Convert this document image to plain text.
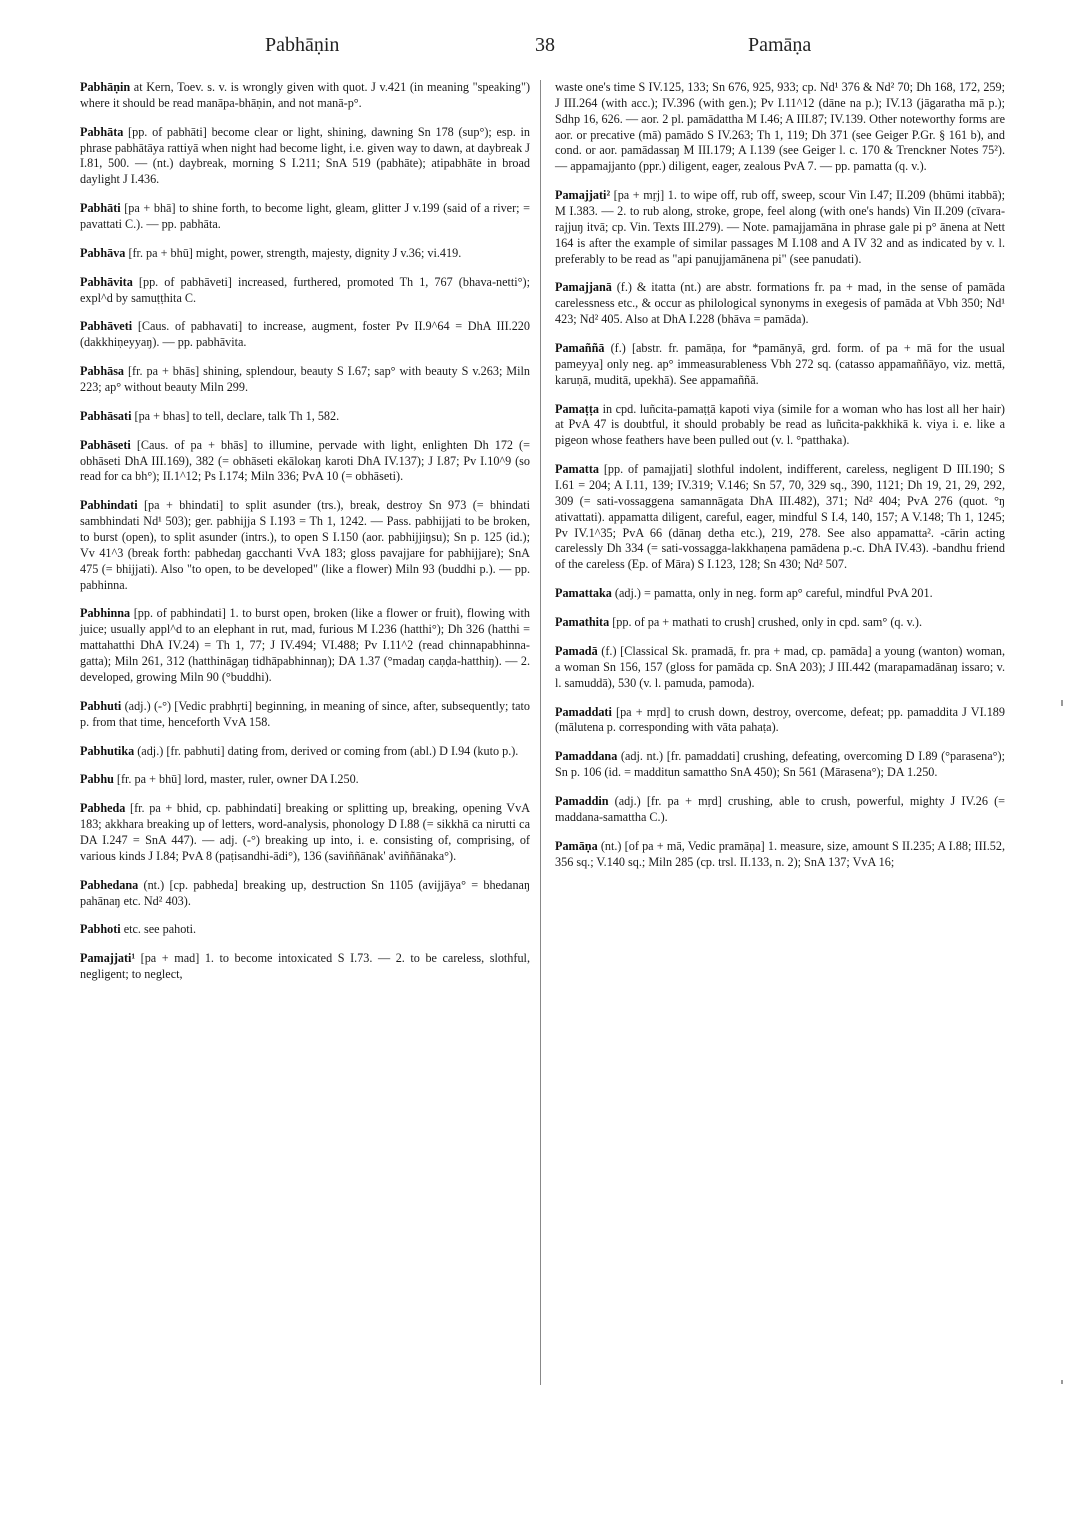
Pabhāṇin	38	Pamāṇa

Pabhāṇin at Kern, Toev. s. v. is wrongly given with quot. J v.421 (in meaning "speaking") where it should be read manāpa-bhāṇin, and not manā-p°.

Pabhāta [pp. of pabhāti] become clear or light, shining, dawning Sn 178 (sup°); esp. in phrase pabhātāya rattiyā when night had become light, i.e. given way to dawn, at daybreak J I.81, 500. — (nt.) daybreak, morning S I.211; SnA 519 (pabhāte); atipabhāte in broad daylight J I.436.

Pabhāti [pa + bhā] to shine forth, to become light, gleam, glitter J v.199 (said of a river; = pavattati C.). — pp. pabhāta.

Pabhāva [fr. pa + bhū] might, power, strength, majesty, dignity J v.36; vi.419.

Pabhāvita [pp. of pabhāveti] increased, furthered, promoted Th 1, 767 (bhava-netti°); expl^d by samuṭṭhita C.

Pabhāveti [Caus. of pabhavati] to increase, augment, foster Pv II.9^64 = DhA III.220 (dakkhiṇeyyaŋ). — pp. pabhāvita.

Pabhāsa [fr. pa + bhās] shining, splendour, beauty S I.67; sap° with beauty S v.263; Miln 223; ap° without beauty Miln 299.

Pabhāsati [pa + bhas] to tell, declare, talk Th 1, 582.

Pabhāseti [Caus. of pa + bhās] to illumine, pervade with light, enlighten Dh 172 (= obhāseti DhA III.169), 382 (= obhāseti ekālokaŋ karoti DhA IV.137); J I.87; Pv I.10^9 (so read for ca bh°); II.1^12; Ps I.174; Miln 336; PvA 10 (= obhāseti).

Pabhindati [pa + bhindati] to split asunder (trs.), break, destroy Sn 973 (= bhindati sambhindati Nd¹ 503); ger. pabhijja S I.193 = Th 1, 1242. — Pass. pabhijjati to be broken, to burst (open), to split asunder (intrs.), to open S I.150 (aor. pabhijjiŋsu); Sn p. 125 (id.); Vv 41^3 (break forth: pabhedaŋ gacchanti VvA 183; gloss pavajjare for pabhijjare); SnA 475 (= bhijjati). Also "to open, to be developed" (like a flower) Miln 93 (buddhi p.). — pp. pabhinna.

Pabhinna [pp. of pabhindati] 1. to burst open, broken (like a flower or fruit), flowing with juice; usually appl^d to an elephant in rut, mad, furious M I.236 (hatthi°); Dh 326 (hatthi = mattahatthi DhA IV.24) = Th 1, 77; J IV.494; VI.488; Pv I.11^2 (read chinnapabhinna-gatta); Miln 261, 312 (hatthināgaŋ tidhāpabhinnaŋ); DA 1.37 (°madaŋ caṇḍa-hatthiŋ). — 2. developed, growing Miln 90 (°buddhi).

Pabhuti (adj.) (-°) [Vedic prabhṛti] beginning, in meaning of since, after, subsequently; tato p. from that time, henceforth VvA 158.

Pabhutika (adj.) [fr. pabhuti] dating from, derived or coming from (abl.) D I.94 (kuto p.).

Pabhu [fr. pa + bhū] lord, master, ruler, owner DA I.250.

Pabheda [fr. pa + bhid, cp. pabhindati] breaking or splitting up, breaking, opening VvA 183; akkhara breaking up of letters, word-analysis, phonology D I.88 (= sikkhā ca nirutti ca DA I.247 = SnA 447). — adj. (-°) breaking up into, i. e. consisting of, comprising, of various kinds J I.84; PvA 8 (paṭisandhi-ādi°), 136 (saviññānak' aviññānaka°).

Pabhedana (nt.) [cp. pabheda] breaking up, destruction Sn 1105 (avijjāya° = bhedanaŋ pahānaŋ etc. Nd² 403).

Pabhoti etc. see pahoti.

Pamajjati¹ [pa + mad] 1. to become intoxicated S I.73. — 2. to be careless, slothful, negligent; to neglect,

waste one's time S IV.125, 133; Sn 676, 925, 933; cp. Nd¹ 376 & Nd² 70; Dh 168, 172, 259; J III.264 (with acc.); IV.396 (with gen.); Pv I.11^12 (dāne na p.); IV.13 (jāgaratha mā p.); Sdhp 16, 626. — aor. 2 pl. pamādattha M I.46; A III.87; IV.139. Other noteworthy forms are aor. or precative (mā) pamādo S IV.263; Th 1, 119; Dh 371 (see Geiger P.Gr. § 161 b), and cond. or aor. pamādassaŋ M III.179; A I.139 (see Geiger l. c. 170 & Trenckner Notes 75²). — appamajjanto (ppr.) diligent, eager, zealous PvA 7. — pp. pamatta (q. v.).

Pamajjati² [pa + mṛj] 1. to wipe off, rub off, sweep, scour Vin I.47; II.209 (bhūmi itabbā); M I.383. — 2. to rub along, stroke, grope, feel along (with one's hands) Vin II.209 (cīvara-rajjuŋ itvā; cp. Vin. Texts III.279). — Note. pamajjamāna in phrase gale pi p° ānena at Nett 164 is after the example of similar passages M I.108 and A IV 32 and as indicated by v. l. preferably to be read as "api panujjamānena pi" (see panudati).

Pamajjanā (f.) & itatta (nt.) are abstr. formations fr. pa + mad, in the sense of pamāda carelessness etc., & occur as philological synonyms in exegesis of pamāda at Vbh 350; Nd¹ 423; Nd² 405. Also at DhA I.228 (bhāva = pamāda).

Pamaññā (f.) [abstr. fr. pamāṇa, for *pamānyā, grd. form. of pa + mā for the usual pameyya] only neg. ap° immeasurableness Vbh 272 sq. (catasso appamaññāyo, viz. mettā, karuṇā, muditā, upekhā). See appamaññā.

Pamaṭṭa in cpd. luñcita-pamaṭṭā kapoti viya (simile for a woman who has lost all her hair) at PvA 47 is doubtful, it should probably be read as luñcita-pakkhikā k. viya i. e. like a pigeon whose feathers have been pulled out (v. l. °patthaka).

Pamatta [pp. of pamajjati] slothful indolent, indifferent, careless, negligent D III.190; S I.61 = 204; A I.11, 139; IV.319; V.146; Sn 57, 70, 329 sq., 390, 1121; Dh 19, 21, 29, 292, 309 (= sati-vossaggena samannāgata DhA III.482), 371; Nd² 404; PvA 276 (quot. °ŋ ativattati). appamatta diligent, careful, eager, mindful S I.4, 140, 157; A V.148; Th 1, 1245; Pv IV.1^35; PvA 66 (dānaŋ detha etc.), 219, 278. See also appamatta². -cārin acting carelessly Dh 334 (= sati-vossagga-lakkhaṇena pamādena p.-c. DhA IV.43). -bandhu friend of the careless (Ep. of Māra) S I.123, 128; Sn 430; Nd² 507.

Pamattaka (adj.) = pamatta, only in neg. form ap° careful, mindful PvA 201.

Pamathita [pp. of pa + mathati to crush] crushed, only in cpd. sam° (q. v.).

Pamadā (f.) [Classical Sk. pramadā, fr. pra + mad, cp. pamāda] a young (wanton) woman, a woman Sn 156, 157 (gloss for pamāda cp. SnA 203); J III.442 (marapamadānaŋ issaro; v. l. samuddā), 530 (v. l. pamuda, pamoda).

Pamaddati [pa + mṛd] to crush down, destroy, overcome, defeat; pp. pamaddita J VI.189 (mālutena p. corresponding with vāta pahaṭa).

Pamaddana (adj. nt.) [fr. pamaddati] crushing, defeating, overcoming D I.89 (°parasena°); Sn p. 106 (id. = madditun samatthο SnA 450); Sn 561 (Mārasena°); DA 1.250.

Pamaddin (adj.) [fr. pa + mṛd] crushing, able to crush, powerful, mighty J IV.26 (= maddana-samattha C.).

Pamāṇa (nt.) [of pa + mā, Vedic pramāṇa] 1. measure, size, amount S II.235; A I.88; III.52, 356 sq.; V.140 sq.; Miln 285 (cp. trsl. II.133, n. 2); SnA 137; VvA 16;
